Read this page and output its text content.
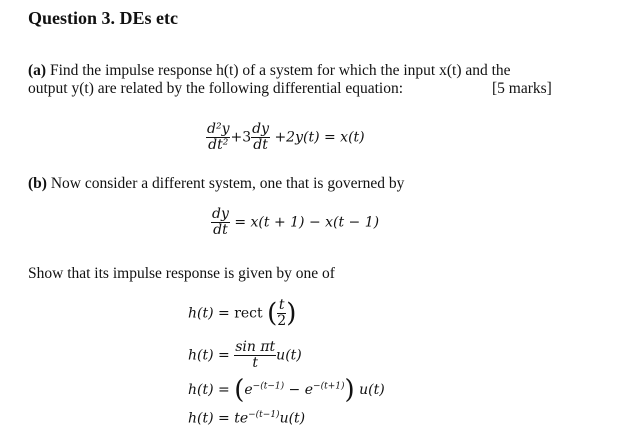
Question 3. DEs etc
(a) Find the impulse response h(t) of a system for which the input x(t) and the
output y(t) are related by the following differential equation:	[5 marks]
$\frac{\text{d²y}}{\text{dt²}} +3 \frac{dy}{dt} +2y(t) = x(t)$
(b) Now consider a different system, one that is governed by
$\frac{dy}{dt} = x(t + 1) - x(t - 1)$
Show that its impulse response is given by one of
h(t) = rect ( $\frac{t}{2}$ )
$h(t) = \frac{\text{sin πt}}{t} u(t)$
$h(t) = (e^{-(t-1)} - e^{-(t+1)})$ u(t)
$h(t) = te^{-(t-1)}u(t)$
